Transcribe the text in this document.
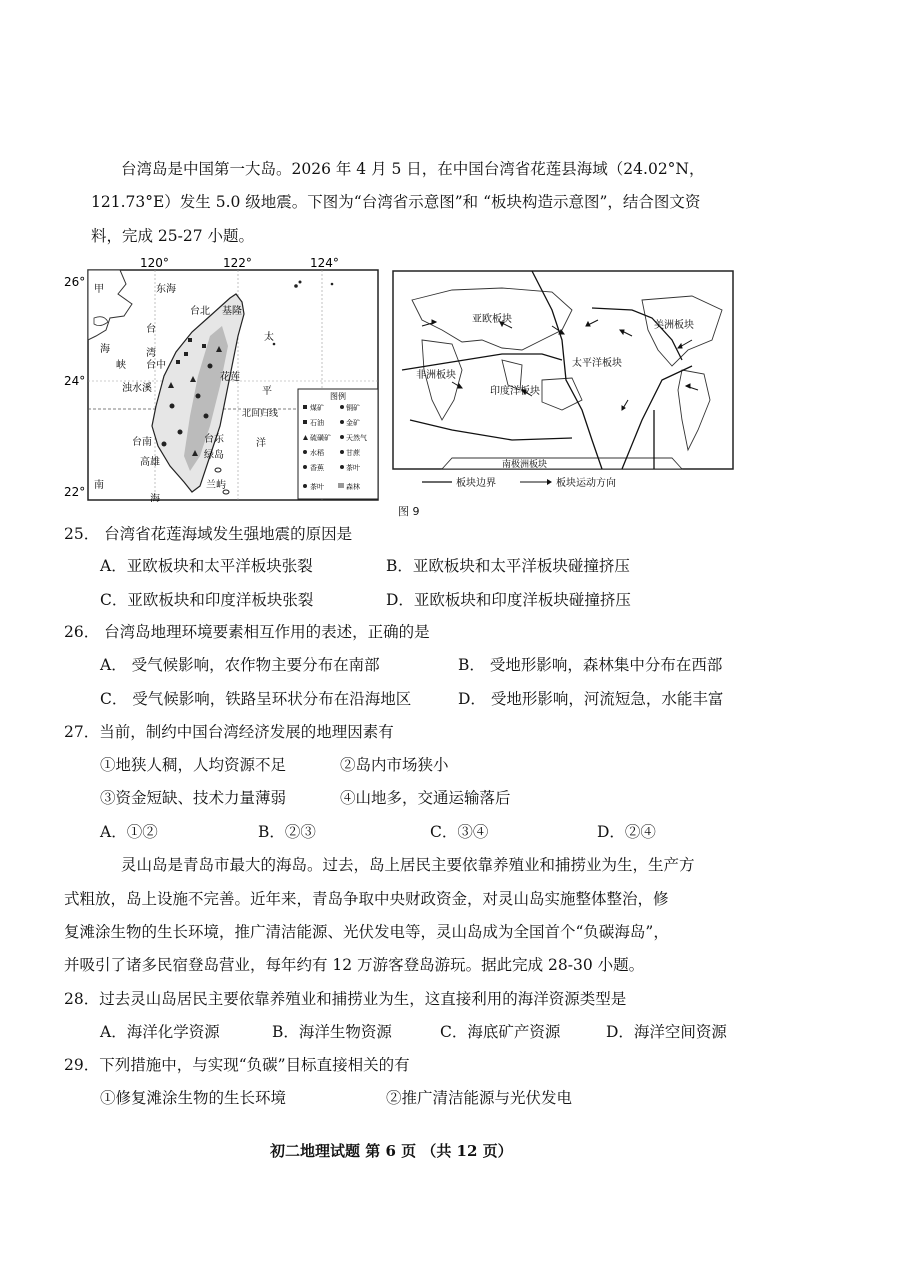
台湾岛是中国第一大岛。2026 年 4 月 5 日，在中国台湾省花莲县海域（24.02°N，
121.73°E）发生 5.0 级地震。下图为“台湾省示意图”和 “板块构造示意图”，结合图文资
料，完成 25-27 小题。
120°	122°	124°
26°
24°
22°
甲	东海
台北 基隆
台
湾
海
峡 台中
太
平
洋
花莲
浊水溪
北回归线
台南
高雄
台东
绿岛
兰屿
南
海
图例
煤矿	铜矿
石油	金矿
硫磺矿 天然气
水稻	甘蔗
香蕉	茶叶
茶叶	森林
亚欧板块
非洲板块
印度洋板块
太平洋板块
美洲板块
南极洲板块
板块边界	板块运动方向
图 9
25． 台湾省花莲海域发生强地震的原因是
A．亚欧板块和太平洋板块张裂	B．亚欧板块和太平洋板块碰撞挤压
C．亚欧板块和印度洋板块张裂	D．亚欧板块和印度洋板块碰撞挤压
26． 台湾岛地理环境要素相互作用的表述，正确的是
A． 受气候影响，农作物主要分布在南部	B． 受地形影响，森林集中分布在西部
C． 受气候影响，铁路呈环状分布在沿海地区	D． 受地形影响，河流短急，水能丰富
27．当前，制约中国台湾经济发展的地理因素有
①地狭人稠，人均资源不足	②岛内市场狭小
③资金短缺、技术力量薄弱	④山地多，交通运输落后
A．①②	B．②③	C．③④	D．②④
灵山岛是青岛市最大的海岛。过去，岛上居民主要依靠养殖业和捕捞业为生，生产方
式粗放，岛上设施不完善。近年来，青岛争取中央财政资金，对灵山岛实施整体整治，修
复滩涂生物的生长环境，推广清洁能源、光伏发电等，灵山岛成为全国首个“负碳海岛”，
并吸引了诸多民宿登岛营业，每年约有 12 万游客登岛游玩。据此完成 28-30 小题。
28．过去灵山岛居民主要依靠养殖业和捕捞业为生，这直接利用的海洋资源类型是
A．海洋化学资源	B．海洋生物资源	C．海底矿产资源	D．海洋空间资源
29．下列措施中，与实现“负碳”目标直接相关的有
①修复滩涂生物的生长环境	②推广清洁能源与光伏发电
初二地理试题 第 6 页 （共 12 页）
